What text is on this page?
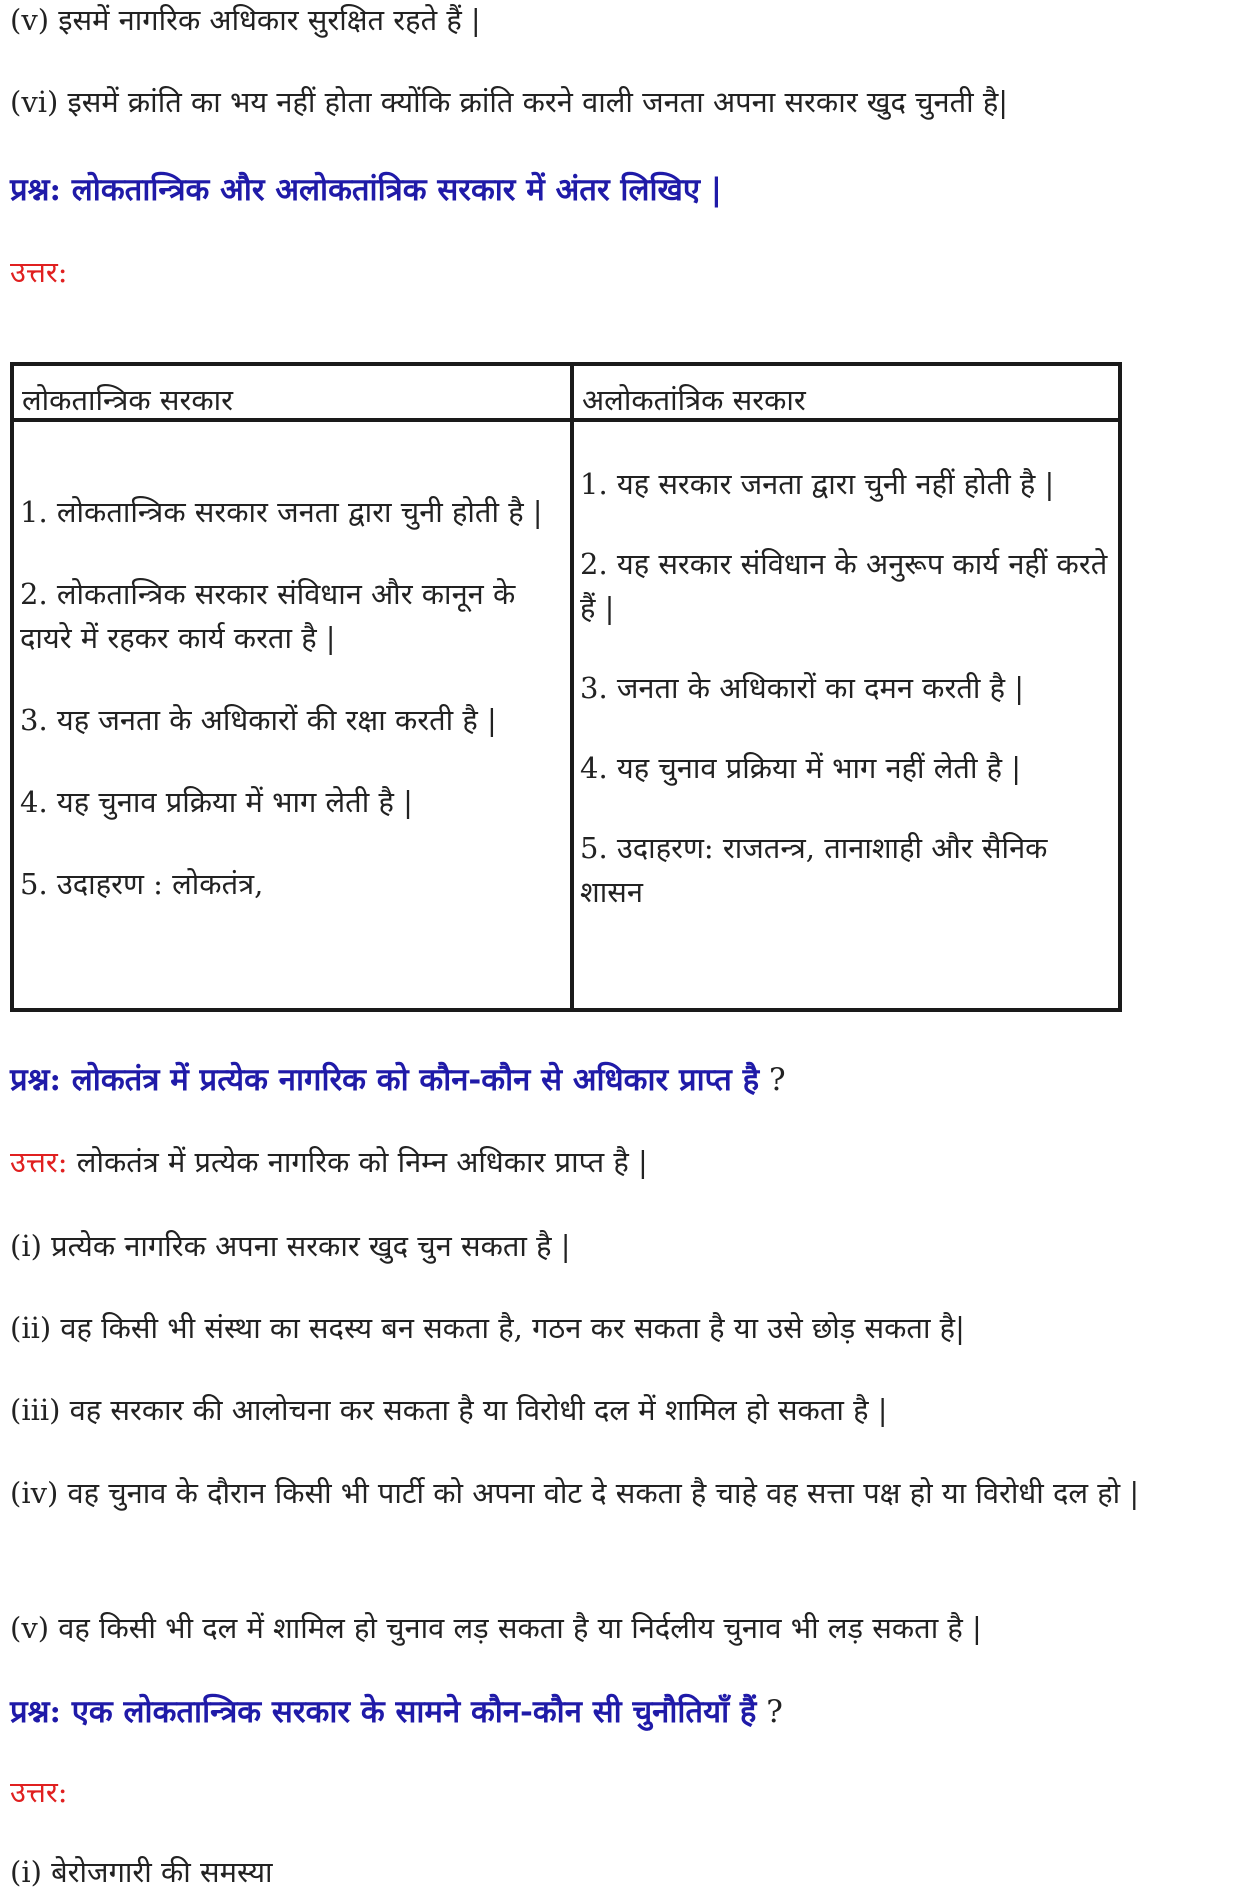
(v) इसमें नागरिक अधिकार सुरक्षित रहते हैं |
(vi) इसमें क्रांति का भय नहीं होता क्योंकि क्रांति करने वाली जनता अपना सरकार खुद चुनती है|
प्रश्न: लोकतान्त्रिक और अलोकतांत्रिक सरकार में अंतर लिखिए |
उत्तर:
लोकतान्त्रिक सरकार	अलोकतांत्रिक सरकार
1. लोकतान्त्रिक सरकार जनता द्वारा चुनी होती है |
2. लोकतान्त्रिक सरकार संविधान और कानून के दायरे में रहकर कार्य करता है |
3. यह जनता के अधिकारों की रक्षा करती है |
4. यह चुनाव प्रक्रिया में भाग लेती है |
5. उदाहरण : लोकतंत्र,
1. यह सरकार जनता द्वारा चुनी नहीं होती है |
2. यह सरकार संविधान के अनुरूप कार्य नहीं करते हैं |
3. जनता के अधिकारों का दमन करती है |
4. यह चुनाव प्रक्रिया में भाग नहीं लेती है |
5. उदाहरण: राजतन्त्र, तानाशाही और सैनिक शासन
प्रश्न: लोकतंत्र में प्रत्येक नागरिक को कौन-कौन से अधिकार प्राप्त है ?
उत्तर: लोकतंत्र में प्रत्येक नागरिक को निम्न अधिकार प्राप्त है |
(i) प्रत्येक नागरिक अपना सरकार खुद चुन सकता है |
(ii) वह किसी भी संस्था का सदस्य बन सकता है, गठन कर सकता है या उसे छोड़ सकता है|
(iii) वह सरकार की आलोचना कर सकता है या विरोधी दल में शामिल हो सकता है |
(iv) वह चुनाव के दौरान किसी भी पार्टी को अपना वोट दे सकता है चाहे वह सत्ता पक्ष हो या विरोधी दल हो |
(v) वह किसी भी दल में शामिल हो चुनाव लड़ सकता है या निर्दलीय चुनाव भी लड़ सकता है |
प्रश्न: एक लोकतान्त्रिक सरकार के सामने कौन-कौन सी चुनौतियाँ हैं ?
उत्तर:
(i) बेरोजगारी की समस्या
